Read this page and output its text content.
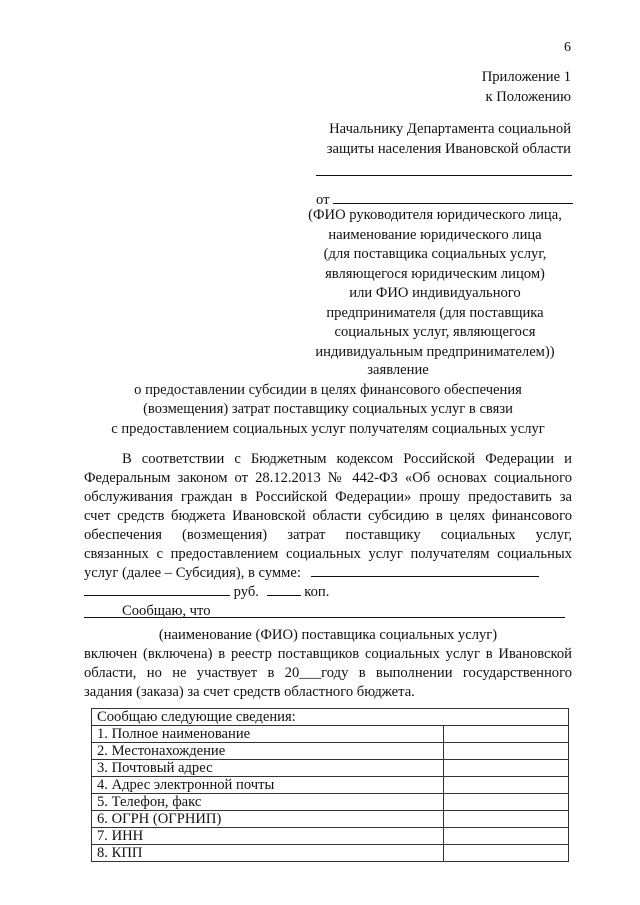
6
Приложение 1
к Положению
Начальнику Департамента социальной
защиты населения Ивановской области
от
(ФИО руководителя юридического лица,
наименование юридического лица
(для поставщика социальных услуг,
являющегося юридическим лицом)
или ФИО индивидуального
предпринимателя (для поставщика
социальных услуг, являющегося
индивидуальным предпринимателем))
заявление
о предоставлении субсидии в целях финансового обеспечения
(возмещения) затрат поставщику социальных услуг в связи
с предоставлением социальных услуг получателям социальных услуг

В соответствии с Бюджетным кодексом Российской Федерации и

Федеральным законом от 28.12.2013 № 442-ФЗ «Об основах социального

обслуживания граждан в Российской Федерации» прошу предоставить за

счет средств бюджета Ивановской области субсидию в целях финансового

обеспечения (возмещения) затрат поставщику социальных услуг,

связанных с предоставлением социальных услуг получателям социальных

услуг (далее – Субсидия), в сумме:
руб.	коп.
Сообщаю, что
(наименование (ФИО) поставщика социальных услуг)

включен (включена) в реестр поставщиков социальных услуг в Ивановской

области, но не участвует в 20___году в выполнении государственного

задания (заказа) за счет средств областного бюджета.
Сообщаю следующие сведения:	
1. Полное наименование	
2. Местонахождение	
3. Почтовый адрес	
4. Адрес электронной почты	
5. Телефон, факс	
6. ОГРН (ОГРНИП)	
7. ИНН	
8. КПП	
